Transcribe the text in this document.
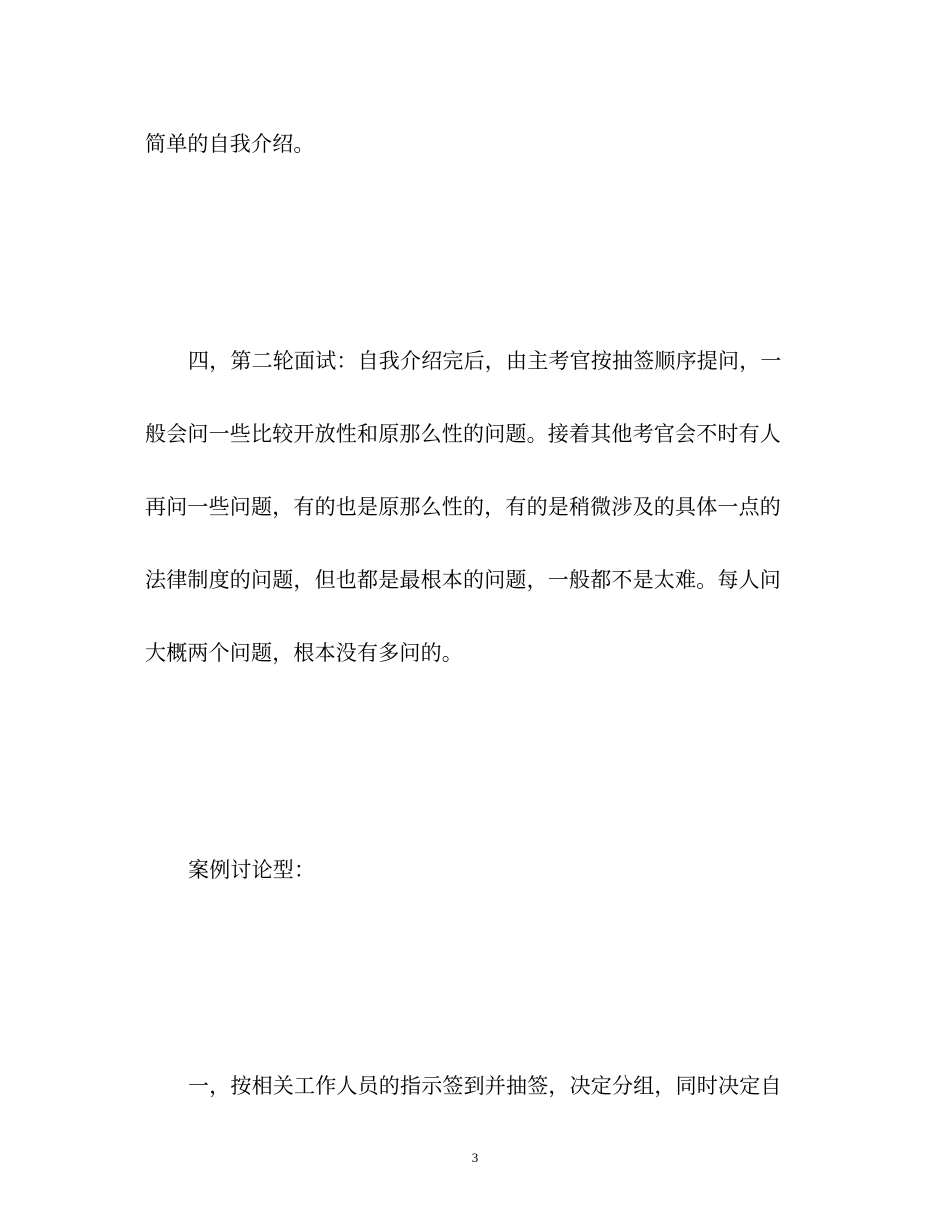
简单的自我介绍。
四，第二轮面试：自我介绍完后，由主考官按抽签顺序提问，一
般会问一些比较开放性和原那么性的问题。接着其他考官会不时有人
再问一些问题，有的也是原那么性的，有的是稍微涉及的具体一点的
法律制度的问题，但也都是最根本的问题，一般都不是太难。每人问
大概两个问题，根本没有多问的。
案例讨论型：
一，按相关工作人员的指示签到并抽签，决定分组，同时决定自
3
